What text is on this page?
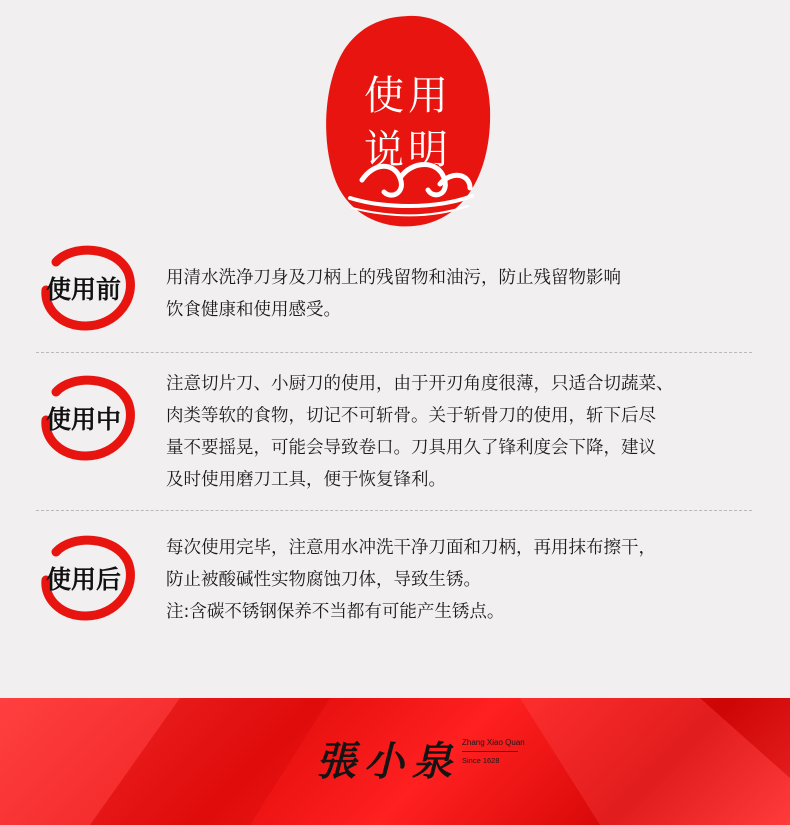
使用
说明
使用前	用清水洗净刀身及刀柄上的残留物和油污，防止残留物影响

饮食健康和使用感受。

使用中

注意切片刀、小厨刀的使用，由于开刃角度很薄，只适合切蔬菜、

肉类等软的食物，切记不可斩骨。关于斩骨刀的使用，斩下后尽

量不要摇晃，可能会导致卷口。刀具用久了锋利度会下降，建议

及时使用磨刀工具，便于恢复锋利。

使用后

每次使用完毕，注意用水冲洗干净刀面和刀柄，再用抹布擦干，

防止被酸碱性实物腐蚀刀体，导致生锈。

注:含碳不锈钢保养不当都有可能产生锈点。

張小泉 Zhang Xiao Quan
Since 1628
